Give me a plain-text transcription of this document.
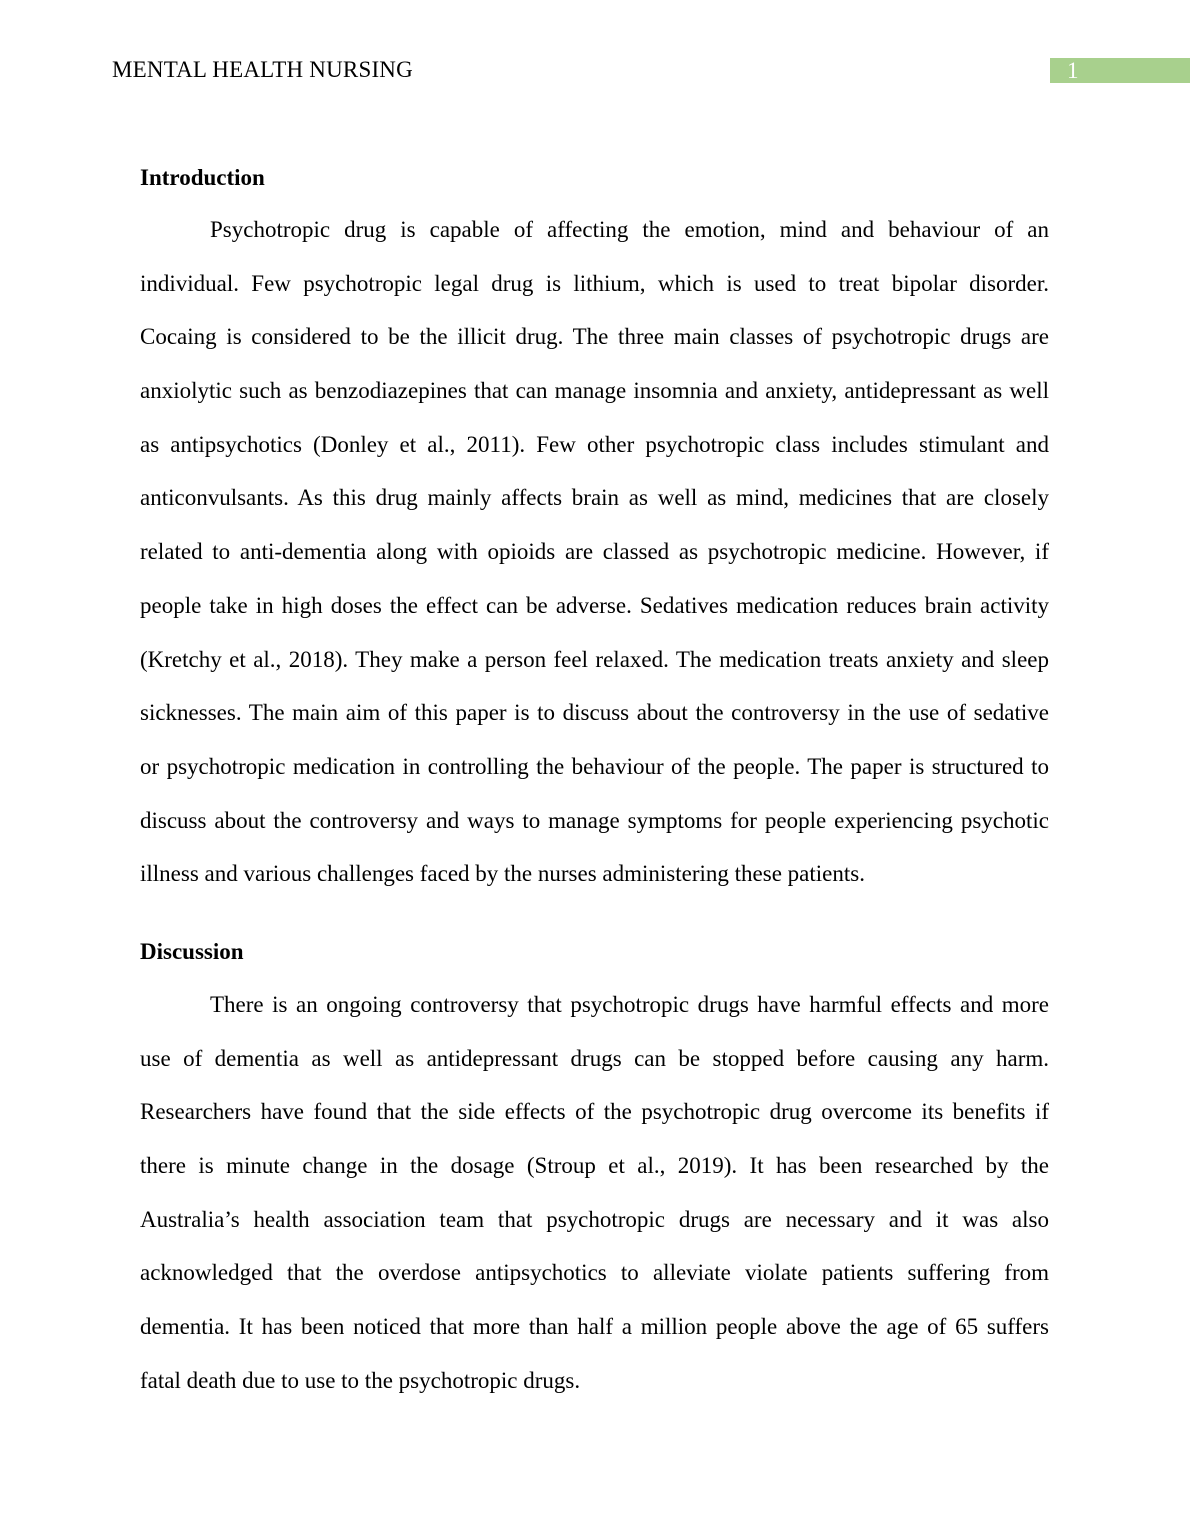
MENTAL HEALTH NURSING	1
Introduction
Psychotropic drug is capable of affecting the emotion, mind and behaviour of an
individual. Few psychotropic legal drug is lithium, which is used to treat bipolar disorder.
Cocaing is considered to be the illicit drug. The three main classes of psychotropic drugs are
anxiolytic such as benzodiazepines that can manage insomnia and anxiety, antidepressant as well
as antipsychotics (Donley et al., 2011). Few other psychotropic class includes stimulant and
anticonvulsants. As this drug mainly affects brain as well as mind, medicines that are closely
related to anti-dementia along with opioids are classed as psychotropic medicine. However, if
people take in high doses the effect can be adverse. Sedatives medication reduces brain activity
(Kretchy et al., 2018). They make a person feel relaxed. The medication treats anxiety and sleep
sicknesses. The main aim of this paper is to discuss about the controversy in the use of sedative
or psychotropic medication in controlling the behaviour of the people. The paper is structured to
discuss about the controversy and ways to manage symptoms for people experiencing psychotic
illness and various challenges faced by the nurses administering these patients.
Discussion
There is an ongoing controversy that psychotropic drugs have harmful effects and more
use of dementia as well as antidepressant drugs can be stopped before causing any harm.
Researchers have found that the side effects of the psychotropic drug overcome its benefits if
there is minute change in the dosage (Stroup et al., 2019). It has been researched by the
Australia’s health association team that psychotropic drugs are necessary and it was also
acknowledged that the overdose antipsychotics to alleviate violate patients suffering from
dementia. It has been noticed that more than half a million people above the age of 65 suffers
fatal death due to use to the psychotropic drugs.
